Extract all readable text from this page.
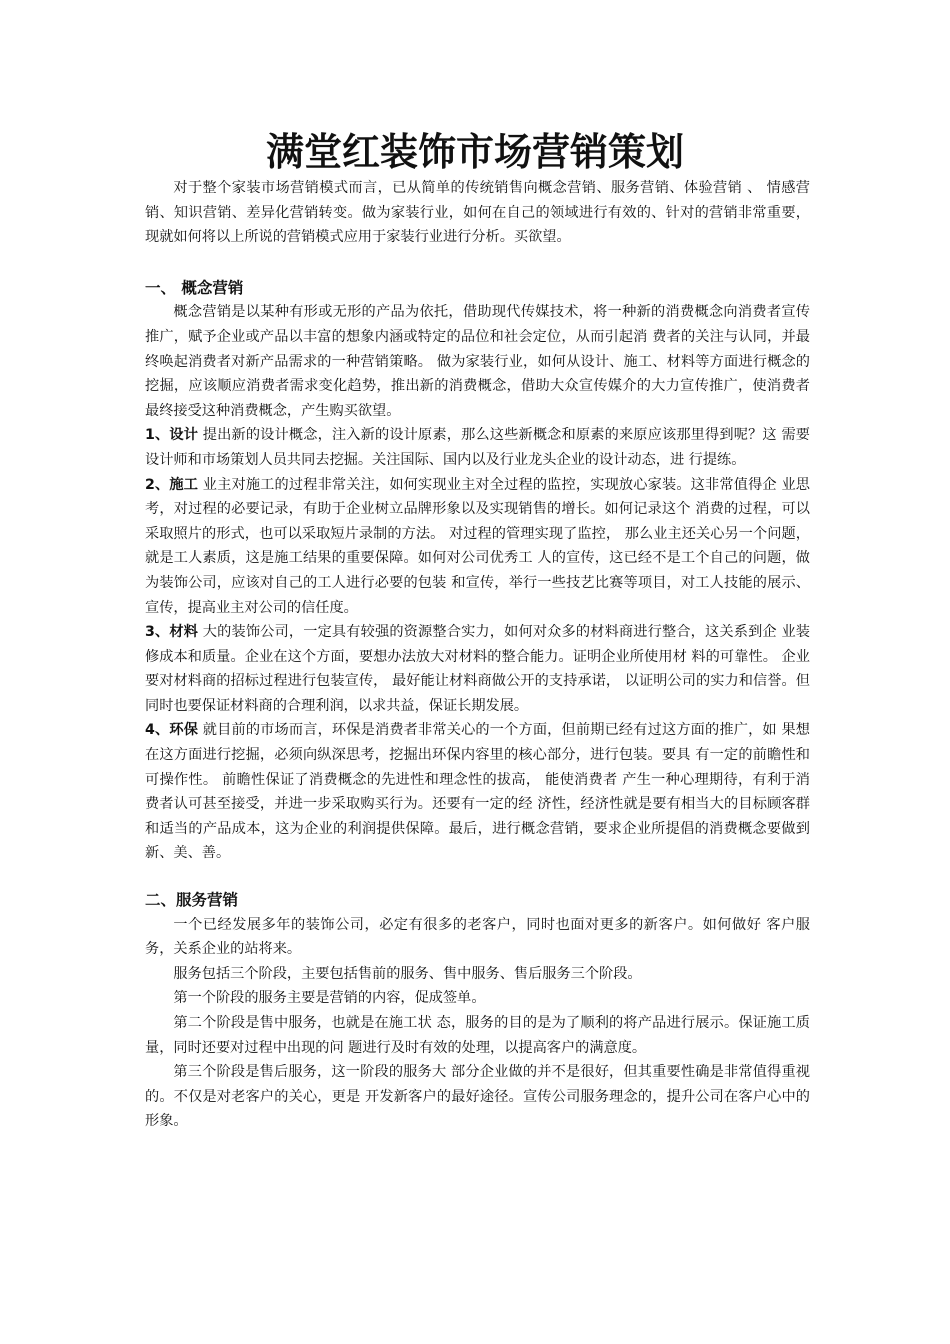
满堂红装饰市场营销策划

对于整个家装市场营销模式而言，已从简单的传统销售向概念营销、服务营销、体验营销 、 情感营销、知识营销、差异化营销转变。做为家装行业，如何在自己的领域进行有效的、针对的营销非常重要，现就如何将以上所说的营销模式应用于家装行业进行分析。买欲望。

一、 概念营销

概念营销是以某种有形或无形的产品为依托，借助现代传媒技术，将一种新的消费概念向消费者宣传推广，赋予企业或产品以丰富的想象内涵或特定的品位和社会定位，从而引起消 费者的关注与认同，并最终唤起消费者对新产品需求的一种营销策略。 做为家装行业，如何从设计、施工、材料等方面进行概念的挖掘，应该顺应消费者需求变化趋势，推出新的消费概念，借助大众宣传媒介的大力宣传推广，使消费者最终接受这种消费概念，产生购买欲望。

1、设计 提出新的设计概念，注入新的设计原素，那么这些新概念和原素的来原应该那里得到呢？这 需要设计师和市场策划人员共同去挖掘。关注国际、国内以及行业龙头企业的设计动态，进 行提练。

2、施工 业主对施工的过程非常关注，如何实现业主对全过程的监控，实现放心家装。这非常值得企 业思考，对过程的必要记录，有助于企业树立品牌形象以及实现销售的增长。如何记录这个 消费的过程，可以采取照片的形式，也可以采取短片录制的方法。 对过程的管理实现了监控， 那么业主还关心另一个问题，就是工人素质，这是施工结果的重要保障。如何对公司优秀工 人的宣传，这已经不是工个自己的问题，做为装饰公司，应该对自己的工人进行必要的包装 和宣传，举行一些技艺比赛等项目，对工人技能的展示、宣传，提高业主对公司的信任度。

3、材料 大的装饰公司，一定具有较强的资源整合实力，如何对众多的材料商进行整合，这关系到企 业装修成本和质量。企业在这个方面，要想办法放大对材料的整合能力。证明企业所使用材 料的可靠性。 企业要对材料商的招标过程进行包装宣传， 最好能让材料商做公开的支持承诺， 以证明公司的实力和信誉。但同时也要保证材料商的合理利润，以求共益，保证长期发展。

4、环保 就目前的市场而言，环保是消费者非常关心的一个方面，但前期已经有过这方面的推广，如 果想在这方面进行挖掘，必须向纵深思考，挖掘出环保内容里的核心部分，进行包装。要具 有一定的前瞻性和可操作性。 前瞻性保证了消费概念的先进性和理念性的拔高， 能使消费者 产生一种心理期待，有利于消费者认可甚至接受，并进一步采取购买行为。还要有一定的经 济性，经济性就是要有相当大的目标顾客群和适当的产品成本，这为企业的利润提供保障。最后，进行概念营销，要求企业所提倡的消费概念要做到新、美、善。

二、服务营销

一个已经发展多年的装饰公司，必定有很多的老客户，同时也面对更多的新客户。如何做好 客户服务，关系企业的站将来。

服务包括三个阶段，主要包括售前的服务、售中服务、售后服务三个阶段。

第一个阶段的服务主要是营销的内容，促成签单。

第二个阶段是售中服务，也就是在施工状 态，服务的目的是为了顺利的将产品进行展示。保证施工质量，同时还要对过程中出现的问 题进行及时有效的处理，以提高客户的满意度。

第三个阶段是售后服务，这一阶段的服务大 部分企业做的并不是很好，但其重要性确是非常值得重视的。不仅是对老客户的关心，更是 开发新客户的最好途径。宣传公司服务理念的，提升公司在客户心中的形象。
